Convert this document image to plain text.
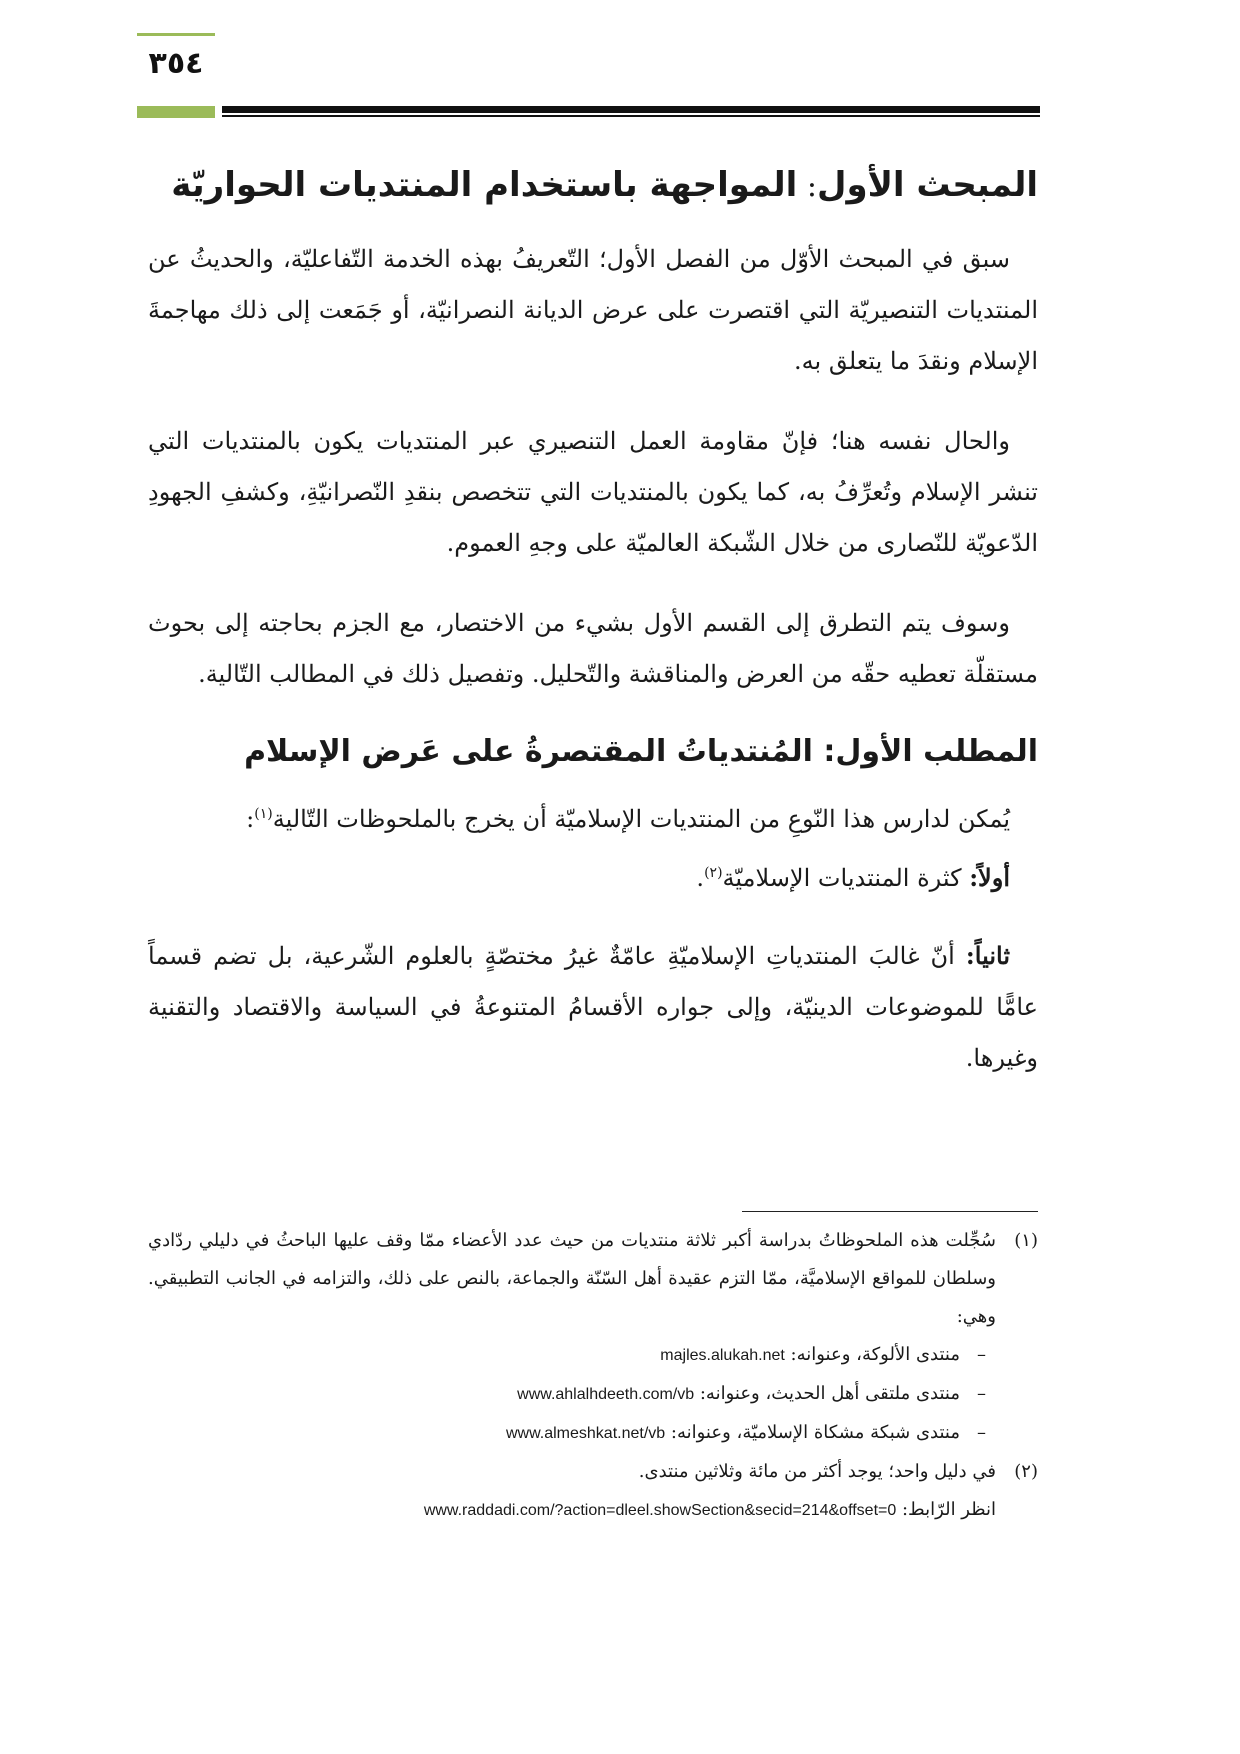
٣٥٤
المبحث الأول: المواجهة باستخدام المنتديات الحواريّة
سبق في المبحث الأوّل من الفصل الأول؛ التّعريفُ بهذه الخدمة التّفاعليّة، والحديثُ عن المنتديات التنصيريّة التي اقتصرت على عرض الديانة النصرانيّة، أو جَمَعت إلى ذلك مهاجمةَ الإسلام ونقدَ ما يتعلق به.
والحال نفسه هنا؛ فإنّ مقاومة العمل التنصيري عبر المنتديات يكون بالمنتديات التي تنشر الإسلام وتُعرِّفُ به، كما يكون بالمنتديات التي تتخصص بنقدِ النّصرانيّةِ، وكشفِ الجهودِ الدّعويّة للنّصارى من خلال الشّبكة العالميّة على وجهِ العموم.
وسوف يتم التطرق إلى القسم الأول بشيء من الاختصار، مع الجزم بحاجته إلى بحوث مستقلّة تعطيه حقّه من العرض والمناقشة والتّحليل. وتفصيل ذلك في المطالب التّالية.
المطلب الأول: المُنتدياتُ المقتصرةُ على عَرض الإسلام
يُمكن لدارس هذا النّوعِ من المنتديات الإسلاميّة أن يخرج بالملحوظات التّالية$^{(١)}$:
أولاً: كثرة المنتديات الإسلاميّة$^{(٢)}$.
ثانياً: أنّ غالبَ المنتدياتِ الإسلاميّةِ عامّةٌ غيرُ مختصّةٍ بالعلوم الشّرعية، بل تضم قسماً عامًّا للموضوعات الدينيّة، وإلى جواره الأقسامُ المتنوعةُ في السياسة والاقتصاد والتقنية وغيرها.
(١)
سُجِّلت هذه الملحوظاتُ بدراسة أكبر ثلاثة منتديات من حيث عدد الأعضاء ممّا وقف عليها الباحثُ في دليلي ردّادي وسلطان للمواقع الإسلاميَّة، ممّا التزم عقيدة أهل السّنّة والجماعة، بالنص على ذلك، والتزامه في الجانب التطبيقي. وهي:
–منتدى الألوكة، وعنوانه: majles.alukah.net
–منتدى ملتقى أهل الحديث، وعنوانه: www.ahlalhdeeth.com/vb
–منتدى شبكة مشكاة الإسلاميّة، وعنوانه: www.almeshkat.net/vb
(٢)
في دليل واحد؛ يوجد أكثر من مائة وثلاثين منتدى.
انظر الرّابط: www.raddadi.com/?action=dleel.showSection&secid=214&offset=0
